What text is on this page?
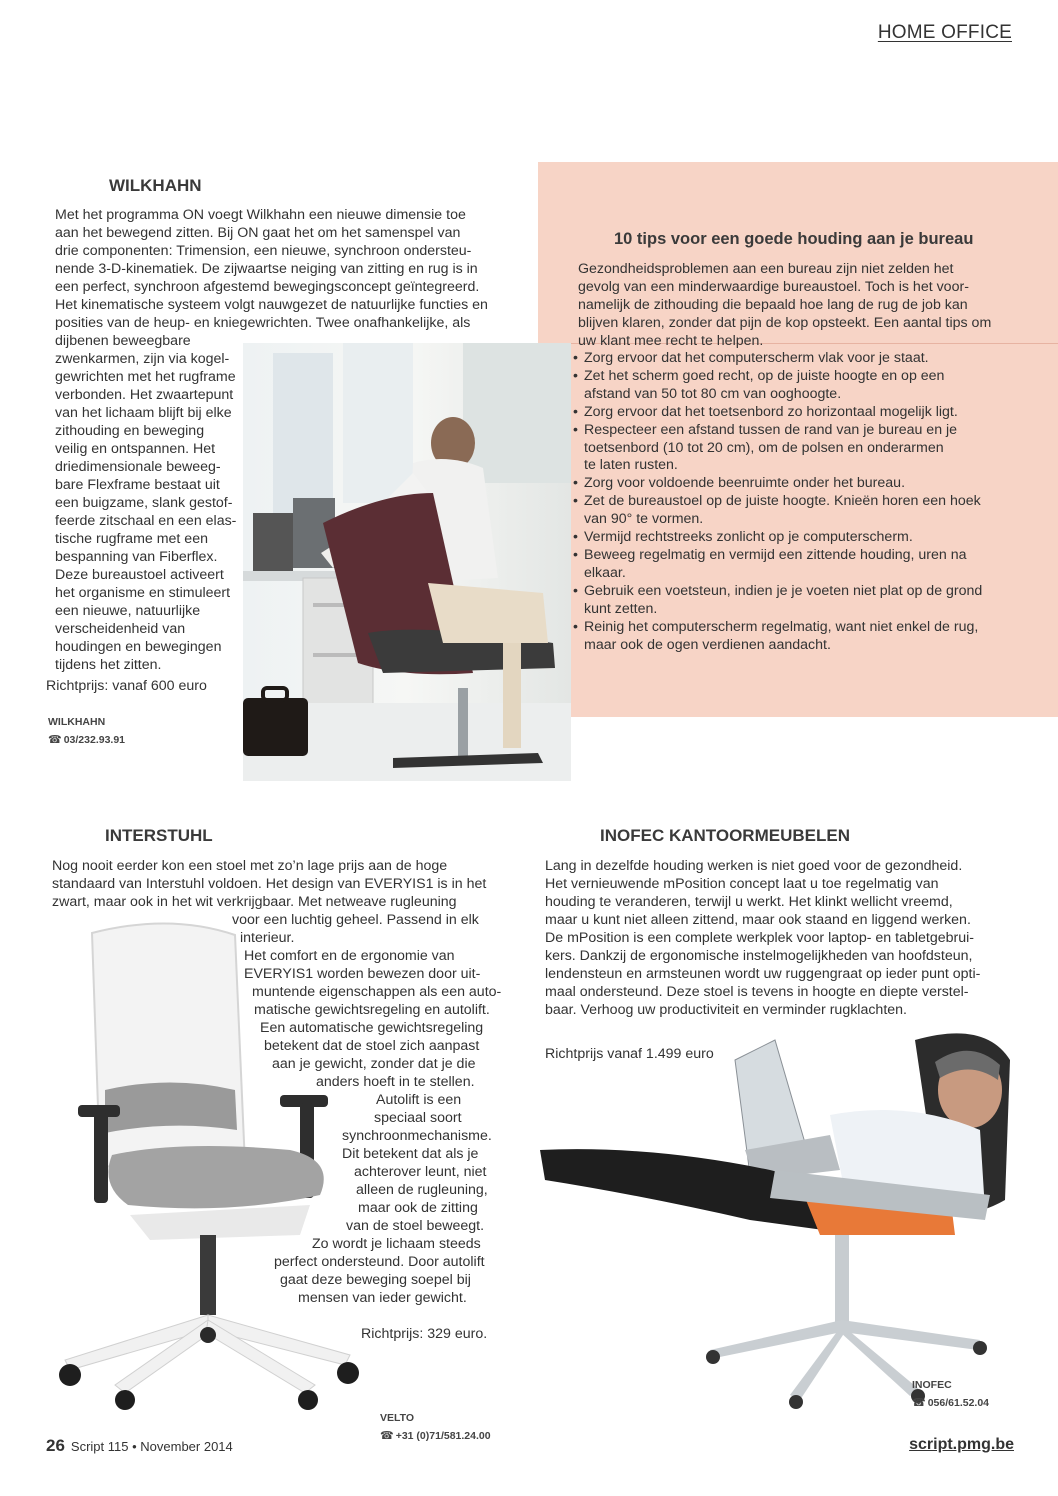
HOME OFFICE
WILKHAHN

Met het programma ON voegt Wilkhahn een nieuwe dimensie toe

aan het bewegend zitten. Bij ON gaat het om het samenspel van

drie componenten: Trimension, een nieuwe, synchroon ondersteu-

nende 3-D-kinematiek. De zijwaartse neiging van zitting en rug is in

een perfect, synchroon afgestemd bewegingsconcept geïntegreerd.

Het kinematische systeem volgt nauwgezet de natuurlijke functies en

posities van de heup- en kniegewrichten. Twee onafhankelijke, als

dijbenen beweegbare

zwenkarmen, zijn via kogel-

gewrichten met het rugframe

verbonden. Het zwaartepunt

van het lichaam blijft bij elke

zithouding en beweging

veilig en ontspannen. Het

driedimensionale beweeg-

bare Flexframe bestaat uit

een buigzame, slank gestof-

feerde zitschaal en een elas-

tische rugframe met een

bespanning van Fiberflex.

Deze bureaustoel activeert

het organisme en stimuleert

een nieuwe, natuurlijke

verscheidenheid van

houdingen en bewegingen

tijdens het zitten.

Richtprijs: vanaf 600 euro
WILKHAHN
☎ 03/232.93.91
10 tips voor een goede houding aan je bureau

Gezondheidsproblemen aan een bureau zijn niet zelden het

gevolg van een minderwaardige bureaustoel. Toch is het voor-

namelijk de zithouding die bepaald hoe lang de rug de job kan

blijven klaren, zonder dat pijn de kop opsteekt. Een aantal tips om

uw klant mee recht te helpen.

• Zorg ervoor dat het computerscherm vlak voor je staat.
• Zet het scherm goed recht, op de juiste hoogte en op een
afstand van 50 tot 80 cm van ooghoogte.
• Zorg ervoor dat het toetsenbord zo horizontaal mogelijk ligt.
• Respecteer een afstand tussen de rand van je bureau en je
toetsenbord (10 tot 20 cm), om de polsen en onderarmen
te laten rusten.
• Zorg voor voldoende beenruimte onder het bureau.
• Zet de bureaustoel op de juiste hoogte. Knieën horen een hoek
van 90° te vormen.
• Vermijd rechtstreeks zonlicht op je computerscherm.
• Beweeg regelmatig en vermijd een zittende houding, uren na
elkaar.
• Gebruik een voetsteun, indien je je voeten niet plat op de grond
kunt zetten.
• Reinig het computerscherm regelmatig, want niet enkel de rug,
maar ook de ogen verdienen aandacht.
INTERSTUHL

Nog nooit eerder kon een stoel met zo’n lage prijs aan de hoge

standaard van Interstuhl voldoen. Het design van EVERYIS1 is in het

zwart, maar ook in het wit verkrijgbaar. Met netweave rugleuning

voor een luchtig geheel. Passend in elk

interieur.

Het comfort en de ergonomie van

EVERYIS1 worden bewezen door uit-

muntende eigenschappen als een auto-

matische gewichtsregeling en autolift.

Een automatische gewichtsregeling

betekent dat de stoel zich aanpast

aan je gewicht, zonder dat je die

anders hoeft in te stellen.

Autolift is een

speciaal soort

synchroonmechanisme.

Dit betekent dat als je

achterover leunt, niet

alleen de rugleuning,

maar ook de zitting

van de stoel beweegt.

Zo wordt je lichaam steeds

perfect ondersteund. Door autolift

gaat deze beweging soepel bij

mensen van ieder gewicht.

Richtprijs: 329 euro.
VELTO
☎ +31 (0)71/581.24.00
INOFEC KANTOORMEUBELEN

Lang in dezelfde houding werken is niet goed voor de gezondheid.

Het vernieuwende mPosition concept laat u toe regelmatig van

houding te veranderen, terwijl u werkt. Het klinkt wellicht vreemd,

maar u kunt niet alleen zittend, maar ook staand en liggend werken.

De mPosition is een complete werkplek voor laptop- en tabletgebrui-

kers. Dankzij de ergonomische instelmogelijkheden van hoofdsteun,

lendensteun en armsteunen wordt uw ruggengraat op ieder punt opti-

maal ondersteund. Deze stoel is tevens in hoogte en diepte verstel-

baar. Verhoog uw productiviteit en verminder rugklachten.

Richtprijs vanaf 1.499 euro
INOFEC
☎ 056/61.52.04
26 Script 115 • November 2014	script.pmg.be
